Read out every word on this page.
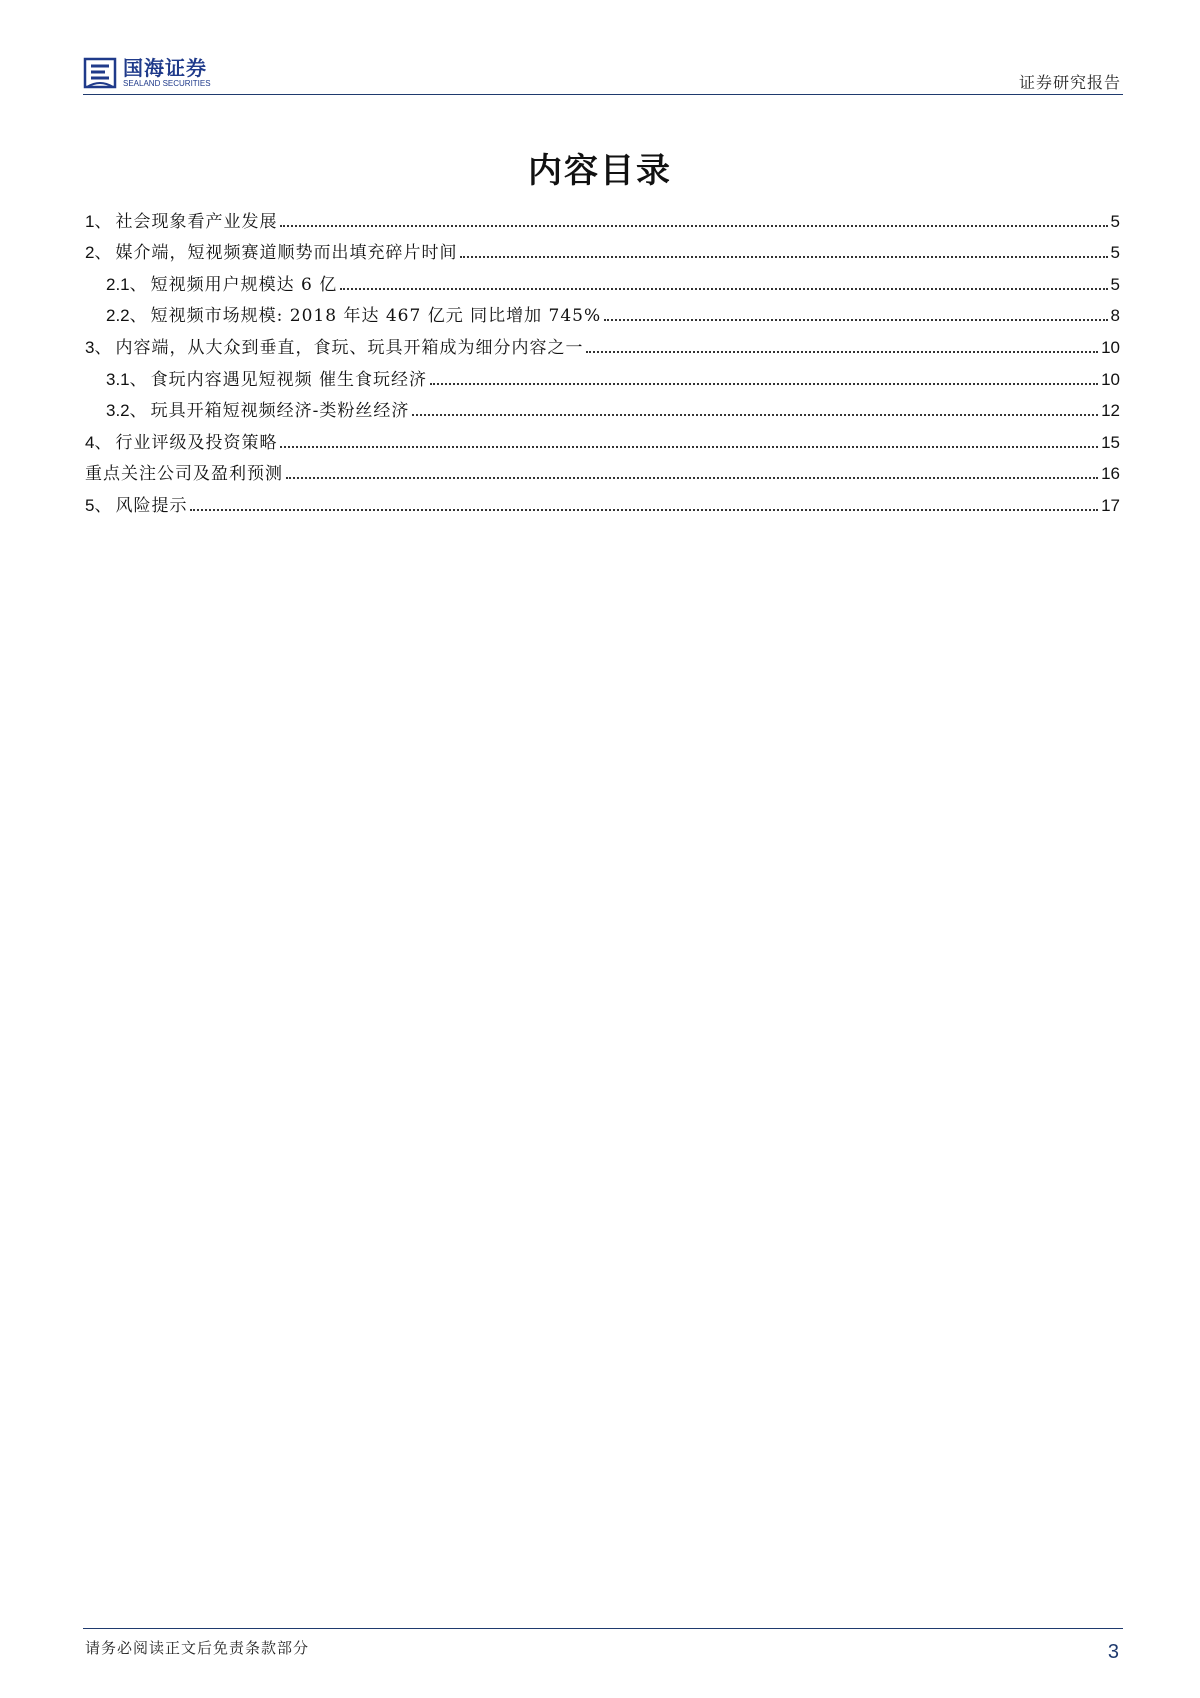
国海证券
SEALAND SECURITIES	证券研究报告
内容目录
1、 社会现象看产业发展	5
2、 媒介端，短视频赛道顺势而出填充碎片时间	5
2.1、 短视频用户规模达 6 亿	5
2.2、 短视频市场规模: 2018 年达 467 亿元 同比增加 745%	8
3、 内容端，从大众到垂直，食玩、玩具开箱成为细分内容之一	10
3.1、 食玩内容遇见短视频 催生食玩经济	10
3.2、 玩具开箱短视频经济-类粉丝经济	12
4、 行业评级及投资策略	15
重点关注公司及盈利预测	16
5、 风险提示	17
请务必阅读正文后免责条款部分	3
